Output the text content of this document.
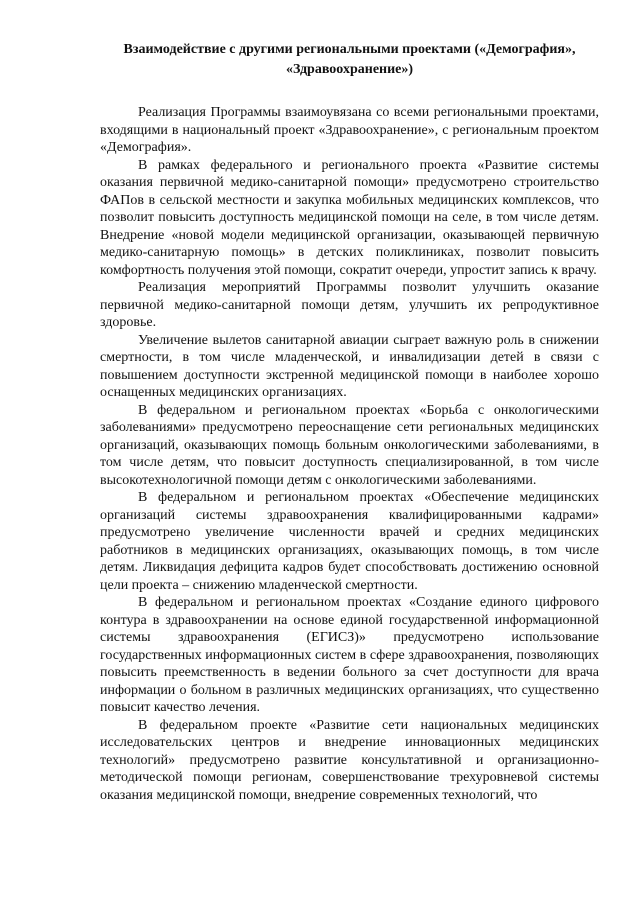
Взаимодействие с другими региональными проектами («Демография»,
«Здравоохранение»)

Реализация Программы взаимоувязана со всеми региональными проектами, входящими в национальный проект «Здравоохранение», с региональным проектом «Демография».

В рамках федерального и регионального проекта «Развитие системы оказания первичной медико-санитарной помощи» предусмотрено строительство ФАПов в сельской местности и закупка мобильных медицинских комплексов, что позволит повысить доступность медицинской помощи на селе, в том числе детям. Внедрение «новой модели медицинской организации, оказывающей первичную медико-санитарную помощь» в детских поликлиниках, позволит повысить комфортность получения этой помощи, сократит очереди, упростит запись к врачу.

Реализация мероприятий Программы позволит улучшить оказание первичной медико-санитарной помощи детям, улучшить их репродуктивное здоровье.

Увеличение вылетов санитарной авиации сыграет важную роль в снижении смертности, в том числе младенческой, и инвалидизации детей в связи с повышением доступности экстренной медицинской помощи в наиболее хорошо оснащенных медицинских организациях.

В федеральном и региональном проектах «Борьба с онкологическими заболеваниями» предусмотрено переоснащение сети региональных медицинских организаций, оказывающих помощь больным онкологическими заболеваниями, в том числе детям, что повысит доступность специализированной, в том числе высокотехнологичной помощи детям с онкологическими заболеваниями.

В федеральном и региональном проектах «Обеспечение медицинских организаций системы здравоохранения квалифицированными кадрами» предусмотрено увеличение численности врачей и средних медицинских работников в медицинских организациях, оказывающих помощь, в том числе детям. Ликвидация дефицита кадров будет способствовать достижению основной цели проекта – снижению младенческой смертности.

В федеральном и региональном проектах «Создание единого цифрового контура в здравоохранении на основе единой государственной информационной системы здравоохранения (ЕГИСЗ)» предусмотрено использование государственных информационных систем в сфере здравоохранения, позволяющих повысить преемственность в ведении больного за счет доступности для врача информации о больном в различных медицинских организациях, что существенно повысит качество лечения.

В федеральном проекте «Развитие сети национальных медицинских исследовательских центров и внедрение инновационных медицинских технологий» предусмотрено развитие консультативной и организационно-методической помощи регионам, совершенствование трехуровневой системы оказания медицинской помощи, внедрение современных технологий, что
